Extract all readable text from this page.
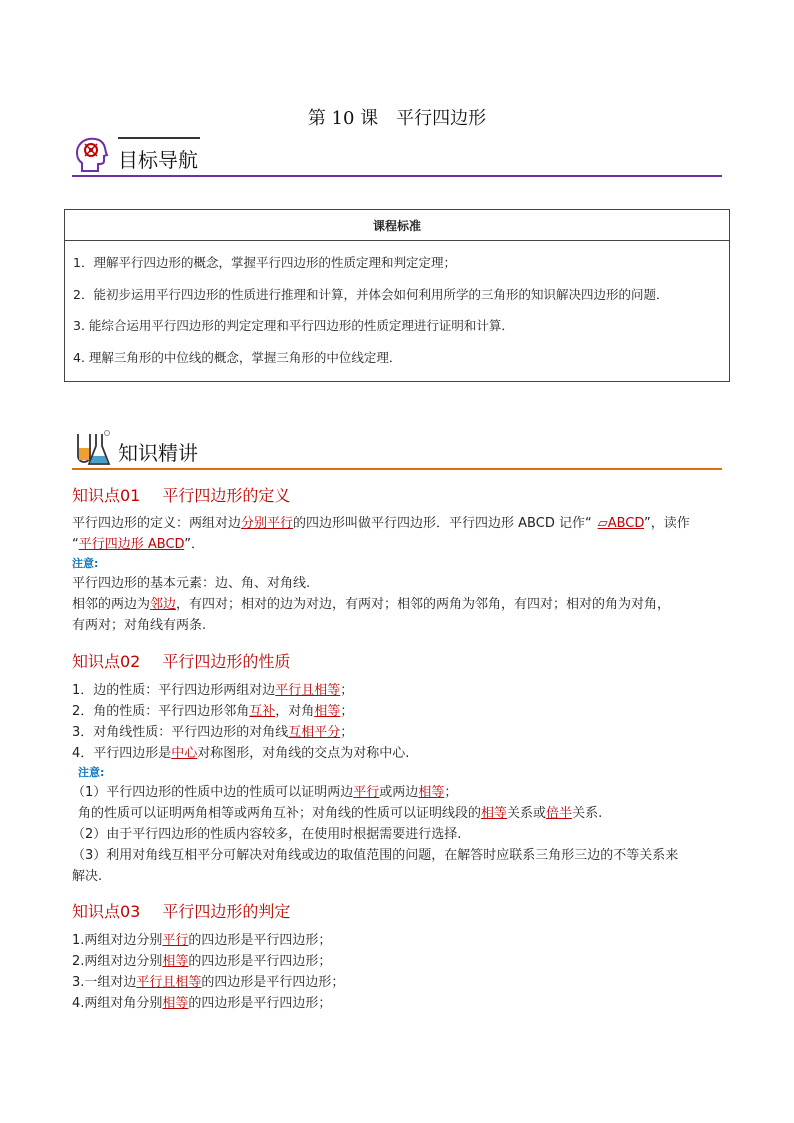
第 10 课　平行四边形
目标导航
课程标准

1．理解平行四边形的概念，掌握平行四边形的性质定理和判定定理；
2．能初步运用平行四边形的性质进行推理和计算，并体会如何利用所学的三角形的知识解决四边形的问题．
3. 能综合运用平行四边形的判定定理和平行四边形的性质定理进行证明和计算．
4. 理解三角形的中位线的概念，掌握三角形的中位线定理．
知识精讲
知识点01 平行四边形的定义
平行四边形的定义：两组对边分别平行的四边形叫做平行四边形．平行四边形 ABCD 记作“ ▱ABCD”，读作
“平行四边形 ABCD”．
注意:
平行四边形的基本元素：边、角、对角线.
相邻的两边为邻边，有四对；相对的边为对边，有两对；相邻的两角为邻角，有四对；相对的角为对角，
有两对；对角线有两条.
知识点02 平行四边形的性质
1．边的性质：平行四边形两组对边平行且相等；
2．角的性质：平行四边形邻角互补，对角相等；
3．对角线性质：平行四边形的对角线互相平分；
4．平行四边形是中心对称图形，对角线的交点为对称中心.
注意:
（1）平行四边形的性质中边的性质可以证明两边平行或两边相等；
角的性质可以证明两角相等或两角互补；对角线的性质可以证明线段的相等关系或倍半关系.
（2）由于平行四边形的性质内容较多，在使用时根据需要进行选择.
（3）利用对角线互相平分可解决对角线或边的取值范围的问题，在解答时应联系三角形三边的不等关系来
解决.
知识点03 平行四边形的判定
1.两组对边分别平行的四边形是平行四边形；
2.两组对边分别相等的四边形是平行四边形；
3.一组对边平行且相等的四边形是平行四边形；
4.两组对角分别相等的四边形是平行四边形；
